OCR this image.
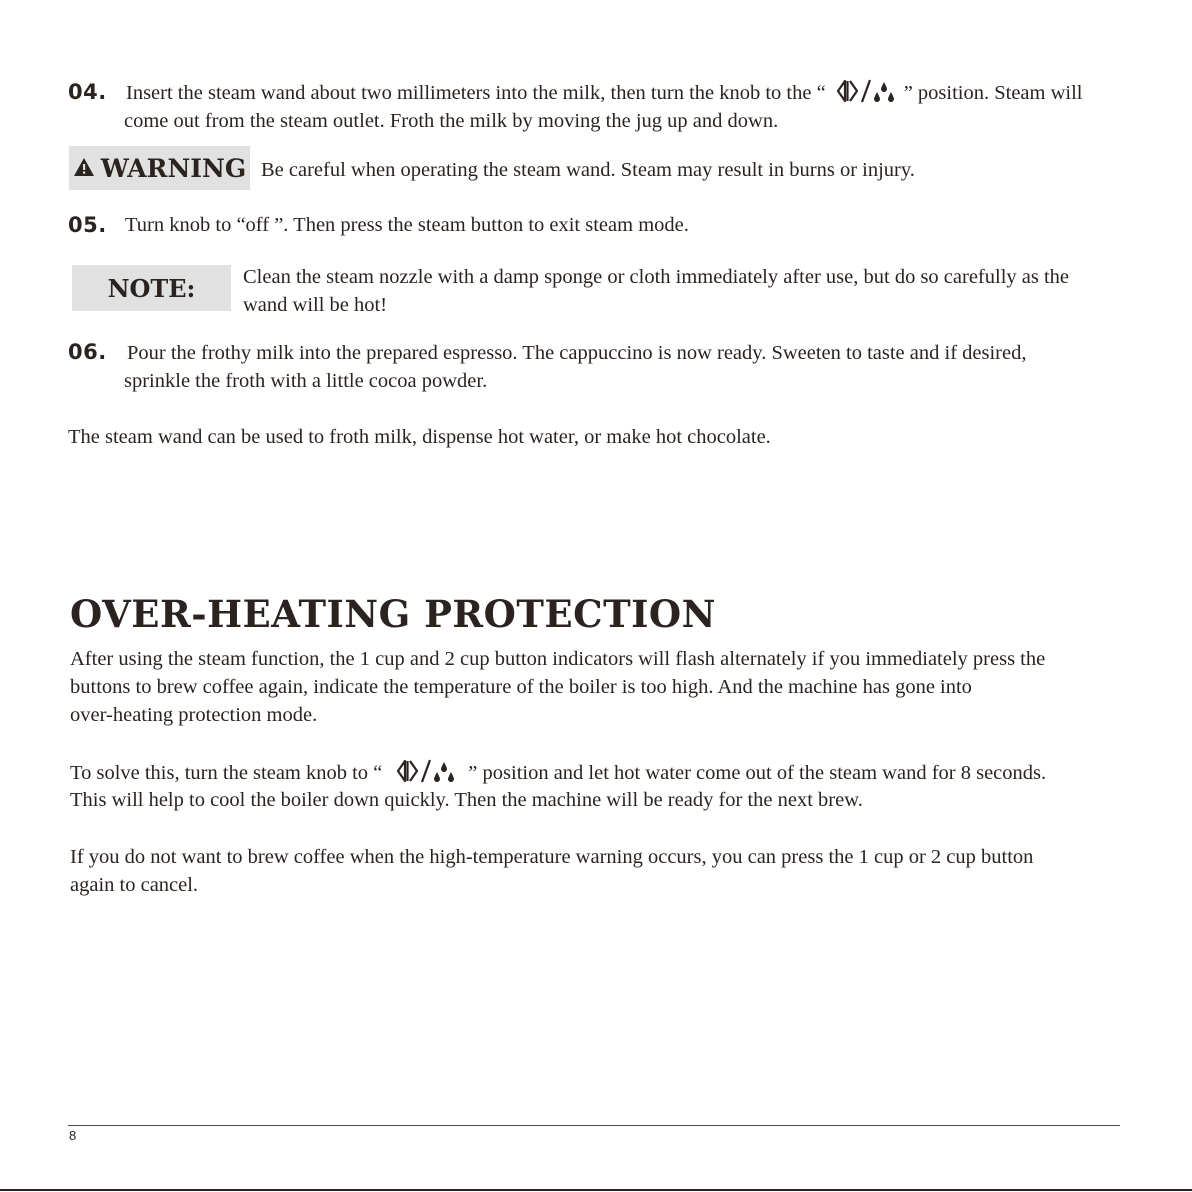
04. Insert the steam wand about two millimeters into the milk, then turn the knob to the “	” position. Steam will
come out from the steam outlet. Froth the milk by moving the jug up and down.
WARNING Be careful when operating the steam wand. Steam may result in burns or injury.
05. Turn knob to “off ”. Then press the steam button to exit steam mode.
NOTE: Clean the steam nozzle with a damp sponge or cloth immediately after use, but do so carefully as the
wand will be hot!
06. Pour the frothy milk into the prepared espresso. The cappuccino is now ready. Sweeten to taste and if desired,
sprinkle the froth with a little cocoa powder.
The steam wand can be used to froth milk, dispense hot water, or make hot chocolate.
OVER-HEATING PROTECTION
After using the steam function, the 1 cup and 2 cup button indicators will flash alternately if you immediately press the
buttons to brew coffee again, indicate the temperature of the boiler is too high. And the machine has gone into
over-heating protection mode.
To solve this, turn the steam knob to “	” position and let hot water come out of the steam wand for 8 seconds.
This will help to cool the boiler down quickly. Then the machine will be ready for the next brew.
If you do not want to brew coffee when the high-temperature warning occurs, you can press the 1 cup or 2 cup button
again to cancel.
8
